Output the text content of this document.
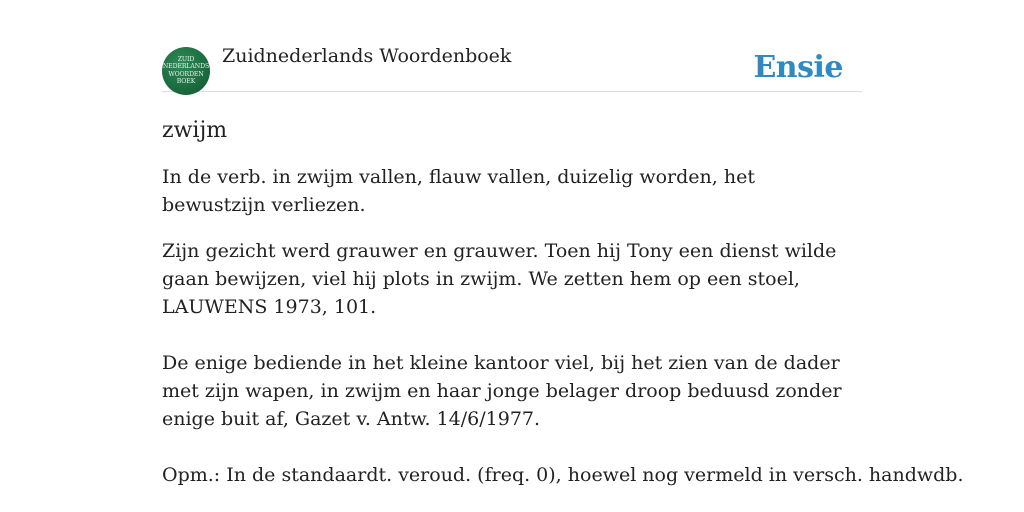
ZUID
NEDERLANDS
WOORDEN
BOEK
Zuidnederlands Woordenboek	Ensie
zwijm
In de verb. in zwijm vallen, flauw vallen, duizelig worden, het bewustzijn verliezen.
Zijn gezicht werd grauwer en grauwer. Toen hij Tony een dienst wilde gaan bewijzen, viel hij plots in zwijm. We zetten hem op een stoel, LAUWENS 1973, 101.
De enige bediende in het kleine kantoor viel, bij het zien van de dader met zijn wapen, in zwijm en haar jonge belager droop beduusd zonder enige buit af, Gazet v. Antw. 14/6/1977.
Opm.: In de standaardt. veroud. (freq. 0), hoewel nog vermeld in versch. handwdb.
